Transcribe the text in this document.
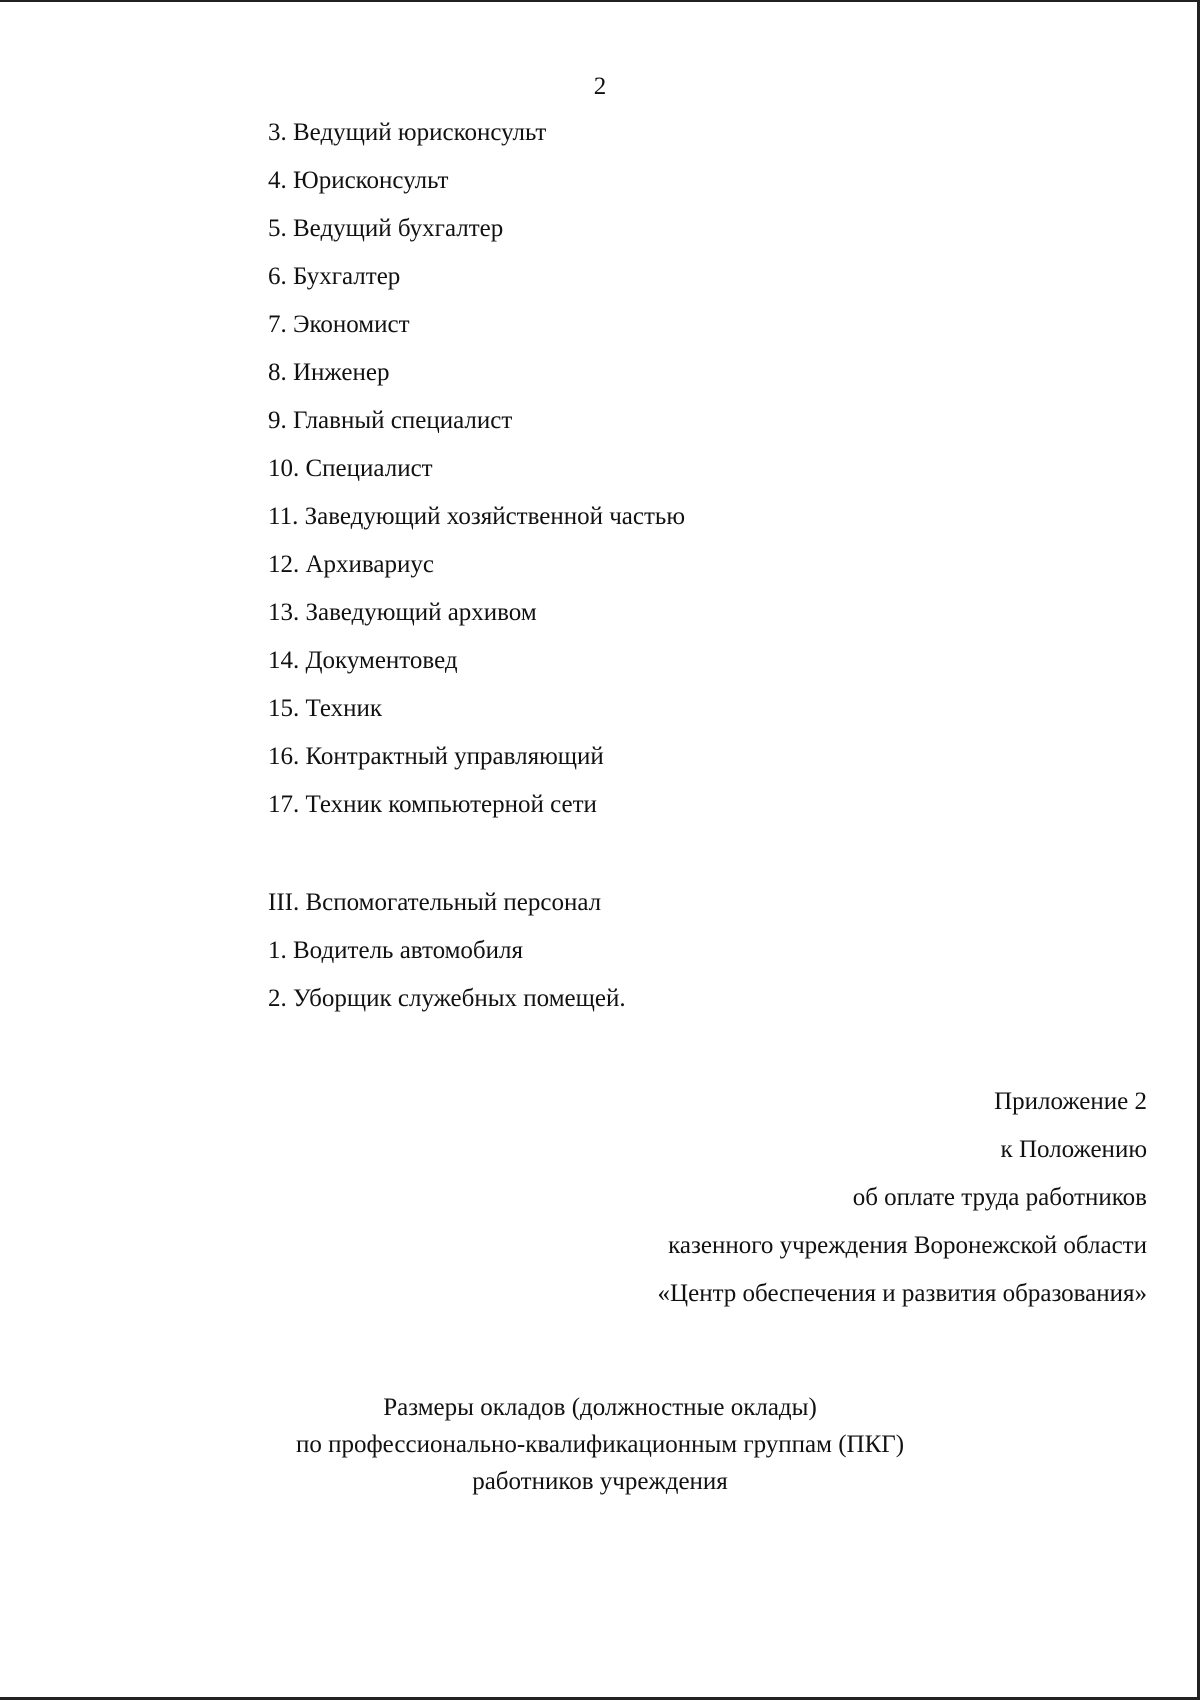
2
3. Ведущий юрисконсульт
4. Юрисконсульт
5. Ведущий бухгалтер
6. Бухгалтер
7. Экономист
8. Инженер
9. Главный специалист
10. Специалист
11. Заведующий хозяйственной частью
12. Архивариус
13. Заведующий архивом
14. Документовед
15. Техник
16. Контрактный управляющий
17. Техник компьютерной сети
III. Вспомогательный персонал
1. Водитель автомобиля
2. Уборщик служебных помещей.
Приложение 2
к Положению
об оплате труда работников
казенного учреждения Воронежской области
«Центр обеспечения и развития образования»
Размеры окладов (должностные оклады)
по профессионально-квалификационным группам (ПКГ)
работников учреждения
